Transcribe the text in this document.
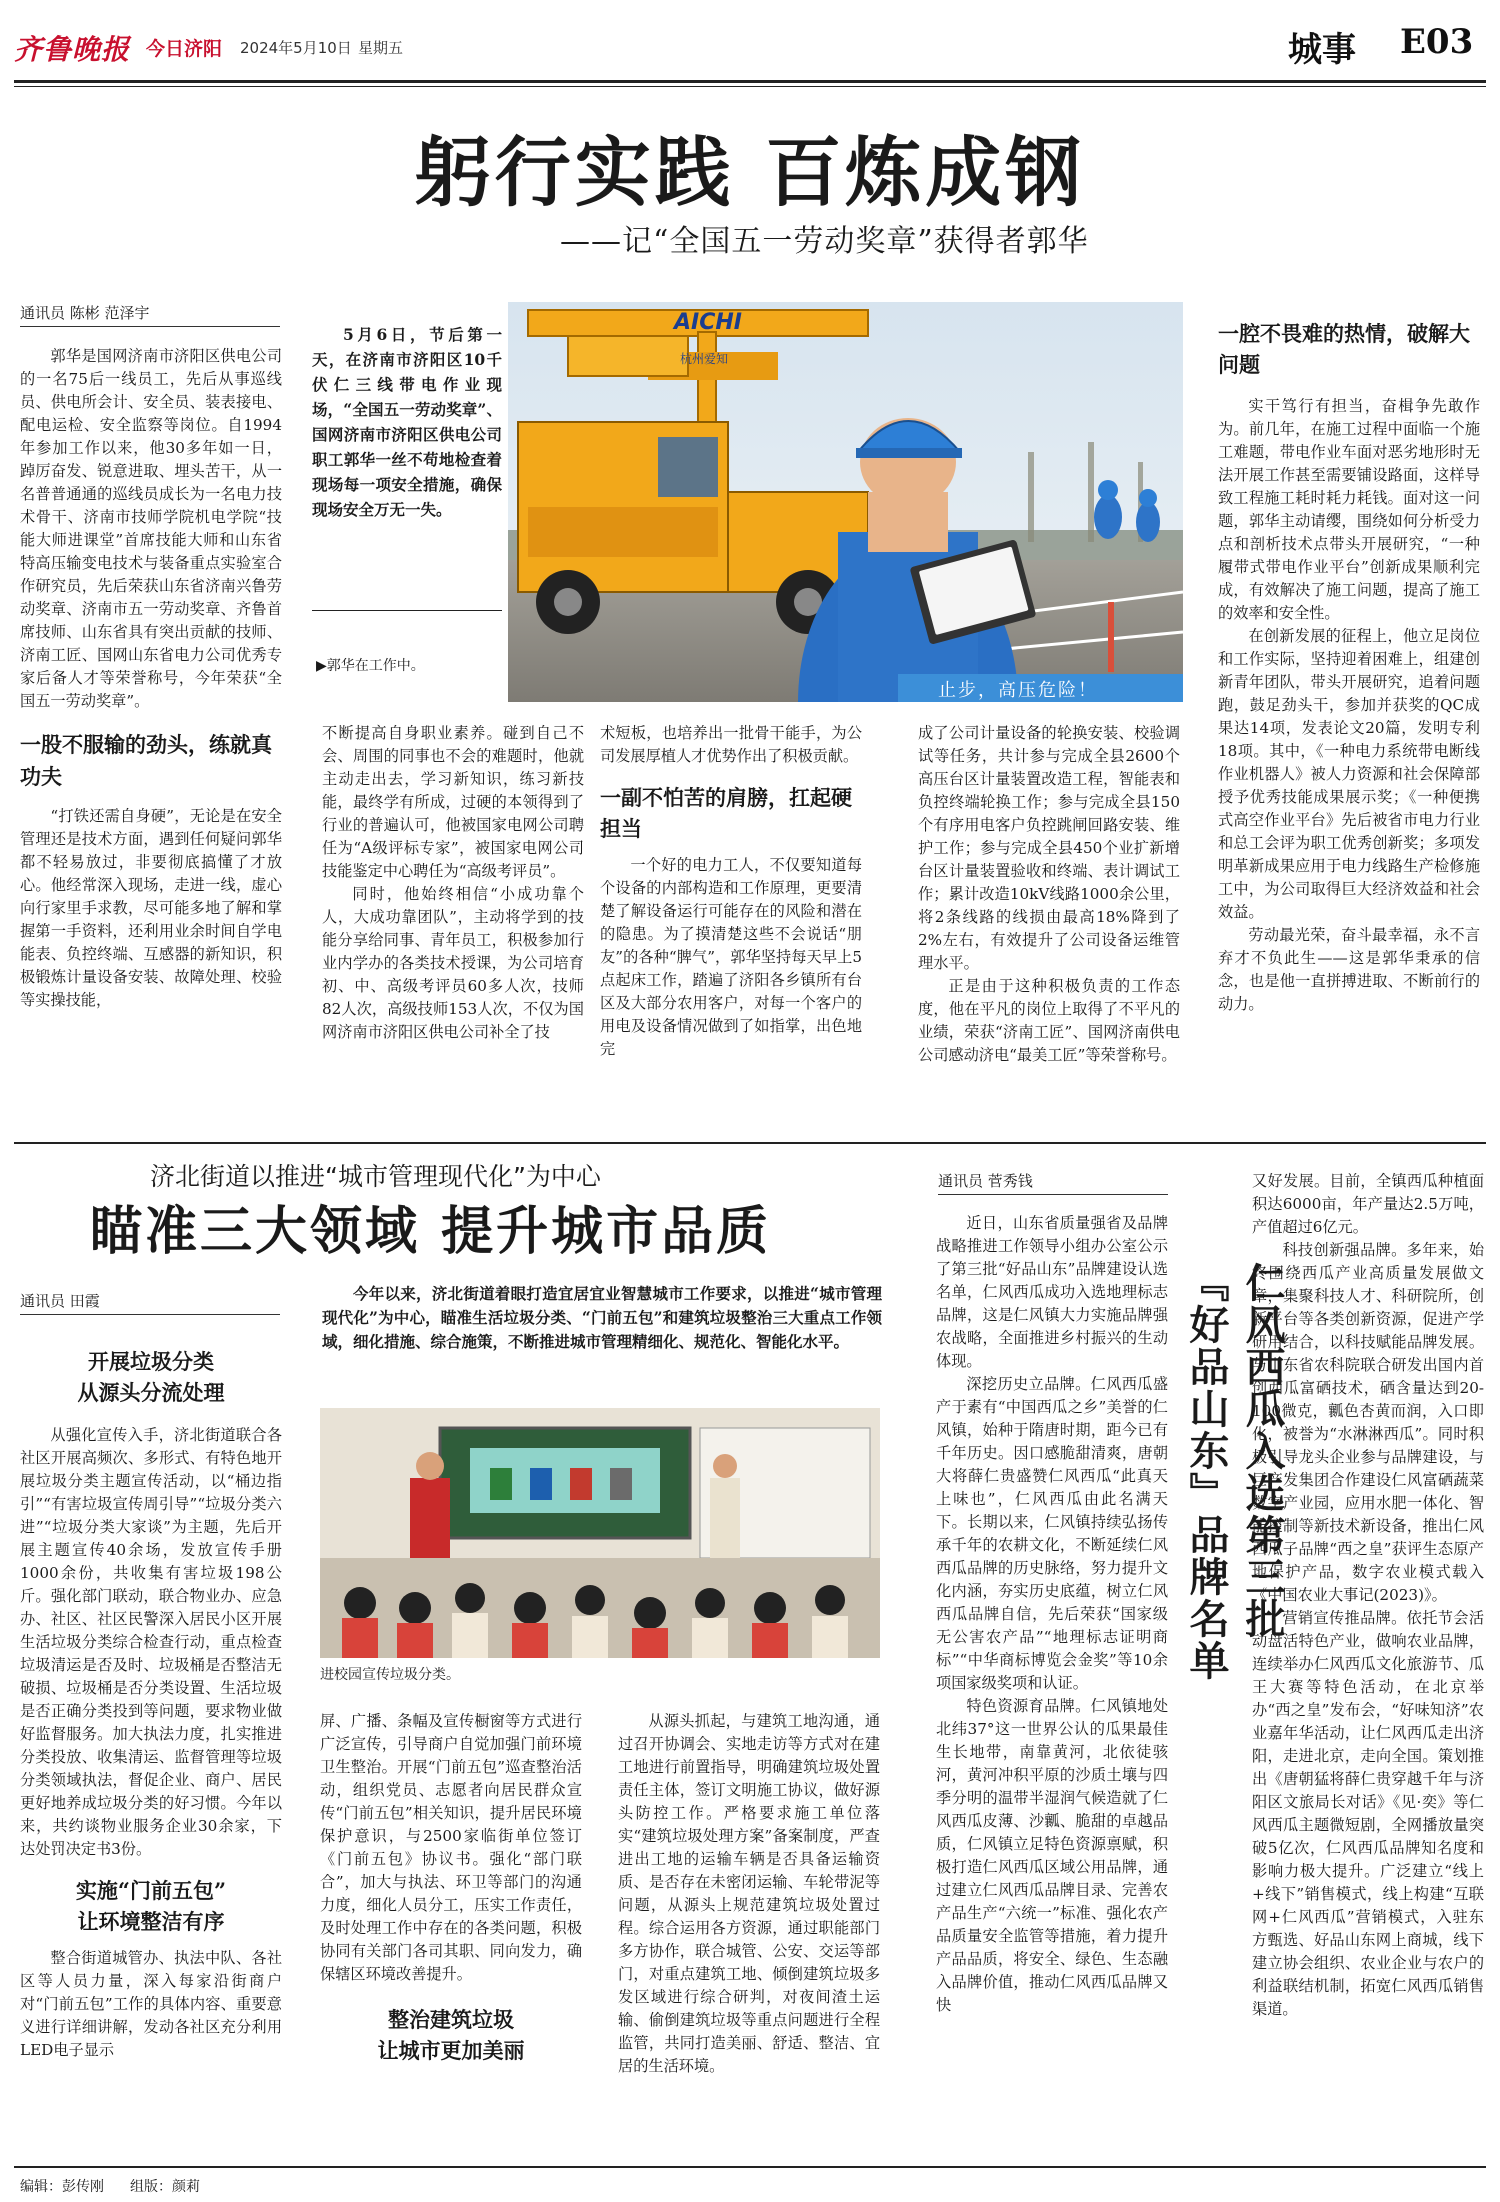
齐鲁晚报 今日济阳 2024年5月10日 星期五	城事 E03
躬行实践 百炼成钢
——记“全国五一劳动奖章”获得者郭华
通讯员 陈彬 范泽宇

郭华是国网济南市济阳区供电公司的一名75后一线员工，先后从事巡线员、供电所会计、安全员、装表接电、配电运检、安全监察等岗位。自1994年参加工作以来，他30多年如一日，踔厉奋发、锐意进取、埋头苦干，从一名普普通通的巡线员成长为一名电力技术骨干、济南市技师学院机电学院“技能大师进课堂”首席技能大师和山东省特高压输变电技术与装备重点实验室合作研究员，先后荣获山东省济南兴鲁劳动奖章、济南市五一劳动奖章、齐鲁首席技师、山东省具有突出贡献的技师、济南工匠、国网山东省电力公司优秀专家后备人才等荣誉称号，今年荣获“全国五一劳动奖章”。

一股不服输的劲头，练就真功夫

“打铁还需自身硬”，无论是在安全管理还是技术方面，遇到任何疑问郭华都不轻易放过，非要彻底搞懂了才放心。他经常深入现场，走进一线，虚心向行家里手求教，尽可能多地了解和掌握第一手资料，还利用业余时间自学电能表、负控终端、互感器的新知识，积极锻炼计量设备安装、故障处理、校验等实操技能，

5月6日，节后第一天，在济南市济阳区10千伏仁三线带电作业现场，“全国五一劳动奖章”、国网济南市济阳区供电公司职工郭华一丝不苟地检查着现场每一项安全措施，确保现场安全万无一失。

▶郭华在工作中。
AICHI
杭州爱知
止步，高压危险！

不断提高自身职业素养。碰到自己不会、周围的同事也不会的难题时，他就主动走出去，学习新知识，练习新技能，最终学有所成，过硬的本领得到了行业的普遍认可，他被国家电网公司聘任为“A级评标专家”，被国家电网公司技能鉴定中心聘任为“高级考评员”。

同时，他始终相信“小成功靠个人，大成功靠团队”，主动将学到的技能分享给同事、青年员工，积极参加行业内学办的各类技术授课，为公司培育初、中、高级考评员60多人次，技师82人次，高级技师153人次，不仅为国网济南市济阳区供电公司补全了技

术短板，也培养出一批骨干能手，为公司发展厚植人才优势作出了积极贡献。

一副不怕苦的肩膀，扛起硬担当

一个好的电力工人，不仅要知道每个设备的内部构造和工作原理，更要清楚了解设备运行可能存在的风险和潜在的隐患。为了摸清楚这些不会说话“朋友”的各种“脾气”，郭华坚持每天早上5点起床工作，踏遍了济阳各乡镇所有台区及大部分农用客户，对每一个客户的用电及设备情况做到了如指掌，出色地完

成了公司计量设备的轮换安装、校验调试等任务，共计参与完成全县2600个高压台区计量装置改造工程，智能表和负控终端轮换工作；参与完成全县150个有序用电客户负控跳闸回路安装、维护工作；参与完成全县450个业扩新增台区计量装置验收和终端、表计调试工作；累计改造10kV线路1000余公里，将2条线路的线损由最高18%降到了2%左右，有效提升了公司设备运维管理水平。

正是由于这种积极负责的工作态度，他在平凡的岗位上取得了不平凡的业绩，荣获“济南工匠”、国网济南供电公司感动济电“最美工匠”等荣誉称号。

一腔不畏难的热情，破解大问题

实干笃行有担当，奋楫争先敢作为。前几年，在施工过程中面临一个施工难题，带电作业车面对恶劣地形时无法开展工作甚至需要铺设路面，这样导致工程施工耗时耗力耗钱。面对这一问题，郭华主动请缨，围绕如何分析受力点和剖析技术点带头开展研究，“一种履带式带电作业平台”创新成果顺利完成，有效解决了施工问题，提高了施工的效率和安全性。

在创新发展的征程上，他立足岗位和工作实际，坚持迎着困难上，组建创新青年团队，带头开展研究，追着问题跑，鼓足劲头干，参加并获奖的QC成果达14项，发表论文20篇，发明专利18项。其中，《一种电力系统带电断线作业机器人》被人力资源和社会保障部授予优秀技能成果展示奖；《一种便携式高空作业平台》先后被省市电力行业和总工会评为职工优秀创新奖；多项发明革新成果应用于电力线路生产检修施工中，为公司取得巨大经济效益和社会效益。

劳动最光荣，奋斗最幸福，永不言弃才不负此生——这是郭华秉承的信念，也是他一直拼搏进取、不断前行的动力。

济北街道以推进“城市管理现代化”为中心
瞄准三大领域 提升城市品质
通讯员 田霞	今年以来，济北街道着眼打造宜居宜业智慧城市工作要求，以推进“城市管理现代化”为中心，瞄准生活垃圾分类、“门前五包”和建筑垃圾整治三大重点工作领域，细化措施、综合施策，不断推进城市管理精细化、规范化、智能化水平。

开展垃圾分类
从源头分流处理

从强化宣传入手，济北街道联合各社区开展高频次、多形式、有特色地开展垃圾分类主题宣传活动，以“桶边指引”“有害垃圾宣传周引导”“垃圾分类六进”“垃圾分类大家谈”为主题，先后开展主题宣传40余场，发放宣传手册1000余份，共收集有害垃圾198公斤。强化部门联动，联合物业办、应急办、社区、社区民警深入居民小区开展生活垃圾分类综合检查行动，重点检查垃圾清运是否及时、垃圾桶是否整洁无破损、垃圾桶是否分类设置、生活垃圾是否正确分类投到等问题，要求物业做好监督服务。加大执法力度，扎实推进分类投放、收集清运、监督管理等垃圾分类领域执法，督促企业、商户、居民更好地养成垃圾分类的好习惯。今年以来，共约谈物业服务企业30余家，下达处罚决定书3份。

实施“门前五包”
让环境整洁有序

整合街道城管办、执法中队、各社区等人员力量，深入每家沿街商户对“门前五包”工作的具体内容、重要意义进行详细讲解，发动各社区充分利用LED电子显示

进校园宣传垃圾分类。

屏、广播、条幅及宣传橱窗等方式进行广泛宣传，引导商户自觉加强门前环境卫生整治。开展“门前五包”巡查整治活动，组织党员、志愿者向居民群众宣传“门前五包”相关知识，提升居民环境保护意识，与2500家临街单位签订《门前五包》协议书。强化“部门联合”，加大与执法、环卫等部门的沟通力度，细化人员分工，压实工作责任，及时处理工作中存在的各类问题，积极协同有关部门各司其职、同向发力，确保辖区环境改善提升。

整治建筑垃圾
让城市更加美丽

从源头抓起，与建筑工地沟通，通过召开协调会、实地走访等方式对在建工地进行前置指导，明确建筑垃圾处置责任主体，签订文明施工协议，做好源头防控工作。严格要求施工单位落实“建筑垃圾处理方案”备案制度，严查进出工地的运输车辆是否具备运输资质、是否存在未密闭运输、车轮带泥等问题，从源头上规范建筑垃圾处置过程。综合运用各方资源，通过职能部门多方协作，联合城管、公安、交运等部门，对重点建筑工地、倾倒建筑垃圾多发区域进行综合研判，对夜间渣土运输、偷倒建筑垃圾等重点问题进行全程监管，共同打造美丽、舒适、整洁、宜居的生活环境。

通讯员 菅秀钱

近日，山东省质量强省及品牌战略推进工作领导小组办公室公示了第三批“好品山东”品牌建设认选名单，仁风西瓜成功入选地理标志品牌，这是仁风镇大力实施品牌强农战略，全面推进乡村振兴的生动体现。

深挖历史立品牌。仁风西瓜盛产于素有“中国西瓜之乡”美誉的仁风镇，始种于隋唐时期，距今已有千年历史。因口感脆甜清爽，唐朝大将薛仁贵盛赞仁风西瓜“此真天上味也”，仁风西瓜由此名满天下。长期以来，仁风镇持续弘扬传承千年的农耕文化，不断延续仁风西瓜品牌的历史脉络，努力提升文化内涵，夯实历史底蕴，树立仁风西瓜品牌自信，先后荣获“国家级无公害农产品”“地理标志证明商标”“中华商标博览会金奖”等10余项国家级奖项和认证。

特色资源育品牌。仁风镇地处北纬37°这一世界公认的瓜果最佳生长地带，南靠黄河，北依徒骇河，黄河冲积平原的沙质土壤与四季分明的温带半湿润气候造就了仁风西瓜皮薄、沙瓤、脆甜的卓越品质，仁风镇立足特色资源禀赋，积极打造仁风西瓜区域公用品牌，通过建立仁风西瓜品牌目录、完善农产品生产“六统一”标准、强化农产品质量安全监管等措施，着力提升产品品质，将安全、绿色、生态融入品牌价值，推动仁风西瓜品牌又快

仁风西瓜入选第三批『好品山东』品牌名单

又好发展。目前，全镇西瓜种植面积达6000亩，年产量达2.5万吨，产值超过6亿元。

科技创新强品牌。多年来，始终围绕西瓜产业高质量发展做文章，集聚科技人才、科研院所，创新平台等各类创新资源，促进产学研用结合，以科技赋能品牌发展。与山东省农科院联合研发出国内首创西瓜富硒技术，硒含量达到20-100微克，瓤色杏黄而润，入口即化，被誉为“水淋淋西瓜”。同时积极引导龙头企业参与品牌建设，与巨产发集团合作建设仁风富硒蔬菜数字产业园，应用水肥一体化、智能控制等新技术新设备，推出仁风西瓜子品牌“西之皇”获评生态原产地保护产品，数字农业模式载入《中国农业大事记(2023)》。

营销宣传推品牌。依托节会活动盘活特色产业，做响农业品牌，连续举办仁风西瓜文化旅游节、瓜王大赛等特色活动，在北京举办“西之皇”发布会，“好味知济”农业嘉年华活动，让仁风西瓜走出济阳，走进北京，走向全国。策划推出《唐朝猛将薛仁贵穿越千年与济阳区文旅局长对话》《见·奕》等仁风西瓜主题微短剧，全网播放量突破5亿次，仁风西瓜品牌知名度和影响力极大提升。广泛建立“线上+线下”销售模式，线上构建“互联网+仁风西瓜”营销模式，入驻东方甄选、好品山东网上商城，线下建立协会组织、农业企业与农户的利益联结机制，拓宽仁风西瓜销售渠道。

编辑：彭传刚 组版：颜莉
